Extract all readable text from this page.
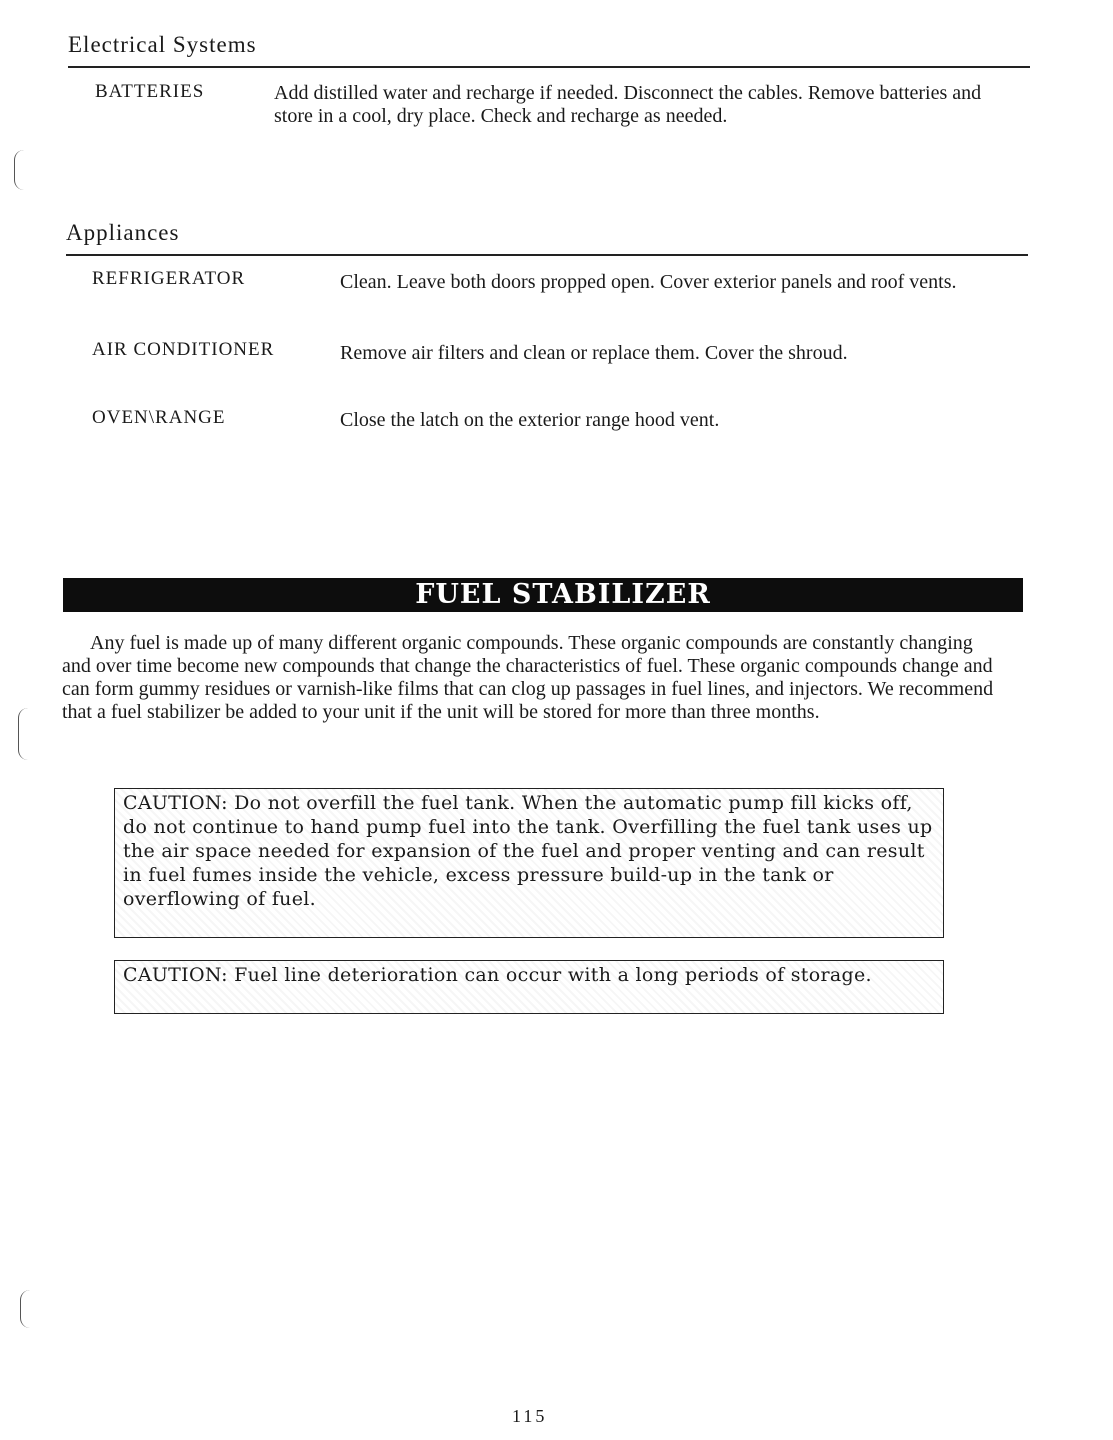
Electrical Systems
BATTERIES	Add distilled water and recharge if needed. Disconnect the cables. Remove batteries and store in a cool, dry place. Check and recharge as needed.
Appliances
REFRIGERATOR	Clean. Leave both doors propped open. Cover exterior panels and roof vents.
AIR CONDITIONER	Remove air filters and clean or replace them. Cover the shroud.
OVEN\RANGE	Close the latch on the exterior range hood vent.
FUEL STABILIZER
Any fuel is made up of many different organic compounds. These organic compounds are constantly changing and over time become new compounds that change the characteristics of fuel. These organic compounds change and can form gummy residues or varnish-like films that can clog up passages in fuel lines, and injectors. We recommend that a fuel stabilizer be added to your unit if the unit will be stored for more than three months.
CAUTION: Do not overfill the fuel tank. When the automatic pump fill kicks off, do not continue to hand pump fuel into the tank. Overfilling the fuel tank uses up the air space needed for expansion of the fuel and proper venting and can result in fuel fumes inside the vehicle, excess pressure build-up in the tank or overflowing of fuel.
CAUTION: Fuel line deterioration can occur with a long periods of storage.
115
